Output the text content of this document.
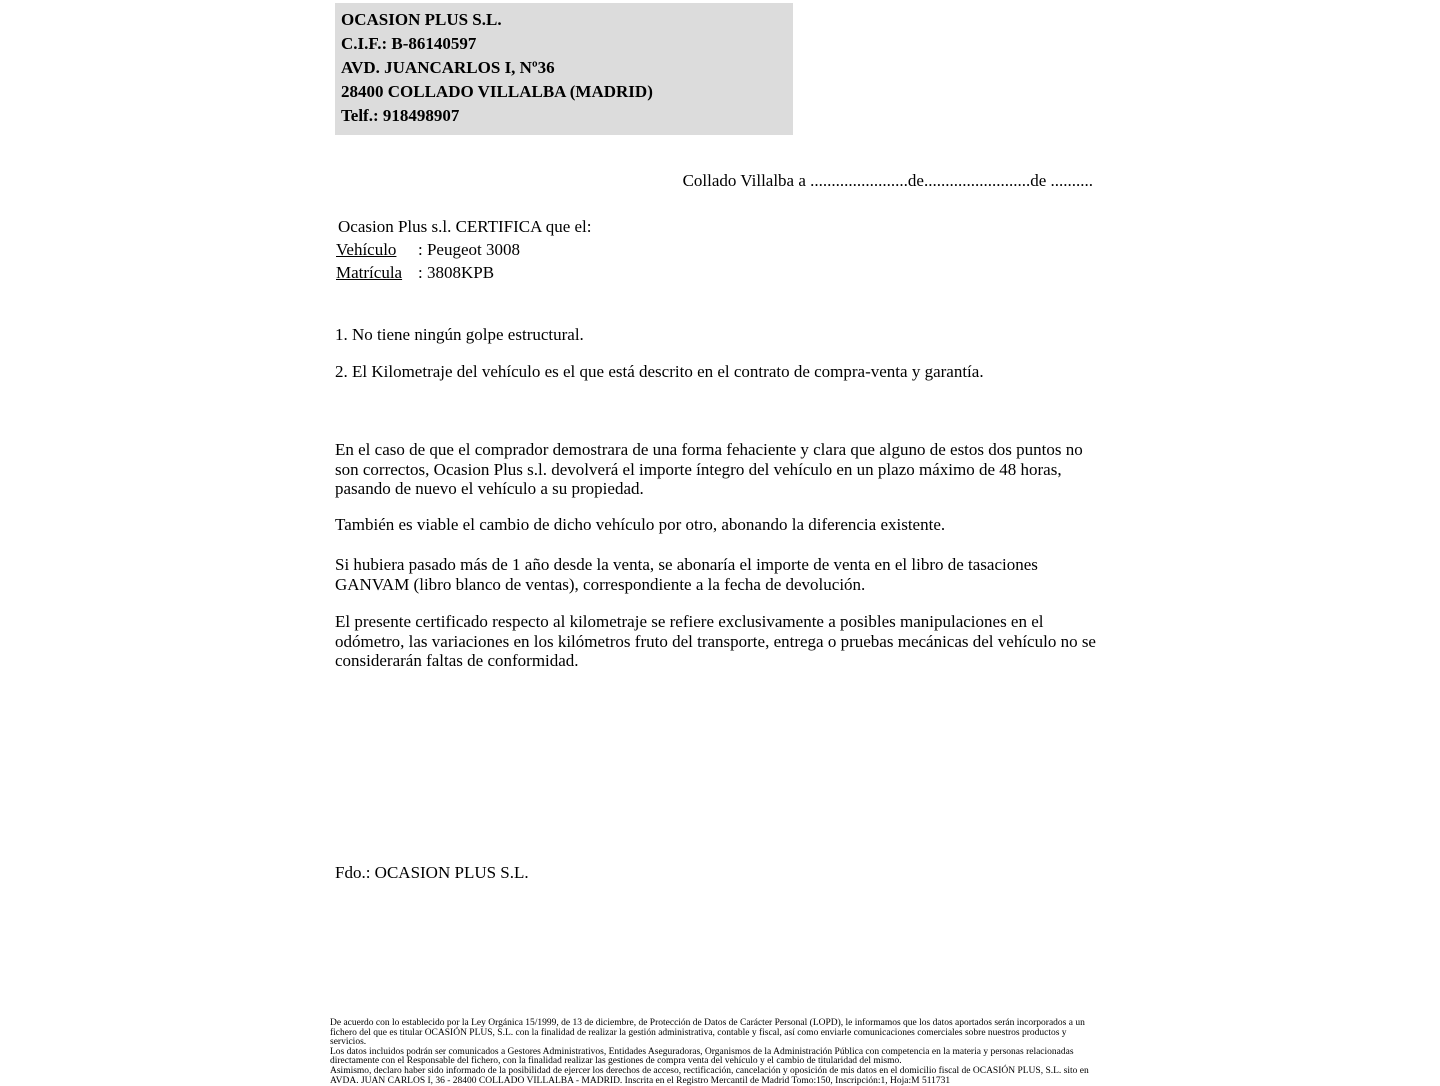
OCASION PLUS S.L.
C.I.F.: B-86140597
AVD. JUANCARLOS I, Nº36
28400 COLLADO VILLALBA (MADRID)
Telf.: 918498907
Collado Villalba a .......................de.........................de ..........
Ocasion Plus s.l. CERTIFICA que el:
Vehículo : Peugeot 3008
Matrícula : 3808KPB
1. No tiene ningún golpe estructural.
2. El Kilometraje del vehículo es el que está descrito en el contrato de compra-venta y garantía.
En el caso de que el comprador demostrara de una forma fehaciente y clara que alguno de estos dos puntos no son correctos, Ocasion Plus s.l. devolverá el importe íntegro del vehículo en un plazo máximo de 48 horas, pasando de nuevo el vehículo a su propiedad.
También es viable el cambio de dicho vehículo por otro, abonando la diferencia existente.
Si hubiera pasado más de 1 año desde la venta, se abonaría el importe de venta en el libro de tasaciones GANVAM (libro blanco de ventas), correspondiente a la fecha de devolución.
El presente certificado respecto al kilometraje se refiere exclusivamente a posibles manipulaciones en el odómetro, las variaciones en los kilómetros fruto del transporte, entrega o pruebas mecánicas del vehículo no se considerarán faltas de conformidad.
Fdo.: OCASION PLUS S.L.

De acuerdo con lo establecido por la Ley Orgánica 15/1999, de 13 de diciembre, de Protección de Datos de Carácter Personal (LOPD), le informamos que los datos aportados serán incorporados a un fichero del que es titular OCASIÓN PLUS, S.L. con la finalidad de realizar la gestión administrativa, contable y fiscal, así como enviarle comunicaciones comerciales sobre nuestros productos y servicios.

Los datos incluidos podrán ser comunicados a Gestores Administrativos, Entidades Aseguradoras, Organismos de la Administración Pública con competencia en la materia y personas relacionadas directamente con el Responsable del fichero, con la finalidad realizar las gestiones de compra venta del vehículo y el cambio de titularidad del mismo.

Asimismo, declaro haber sido informado de la posibilidad de ejercer los derechos de acceso, rectificación, cancelación y oposición de mis datos en el domicilio fiscal de OCASIÓN PLUS, S.L. sito en AVDA. JUAN CARLOS I, 36 - 28400 COLLADO VILLALBA - MADRID. Inscrita en el Registro Mercantil de Madrid Tomo:150, Inscripción:1, Hoja:M 511731
